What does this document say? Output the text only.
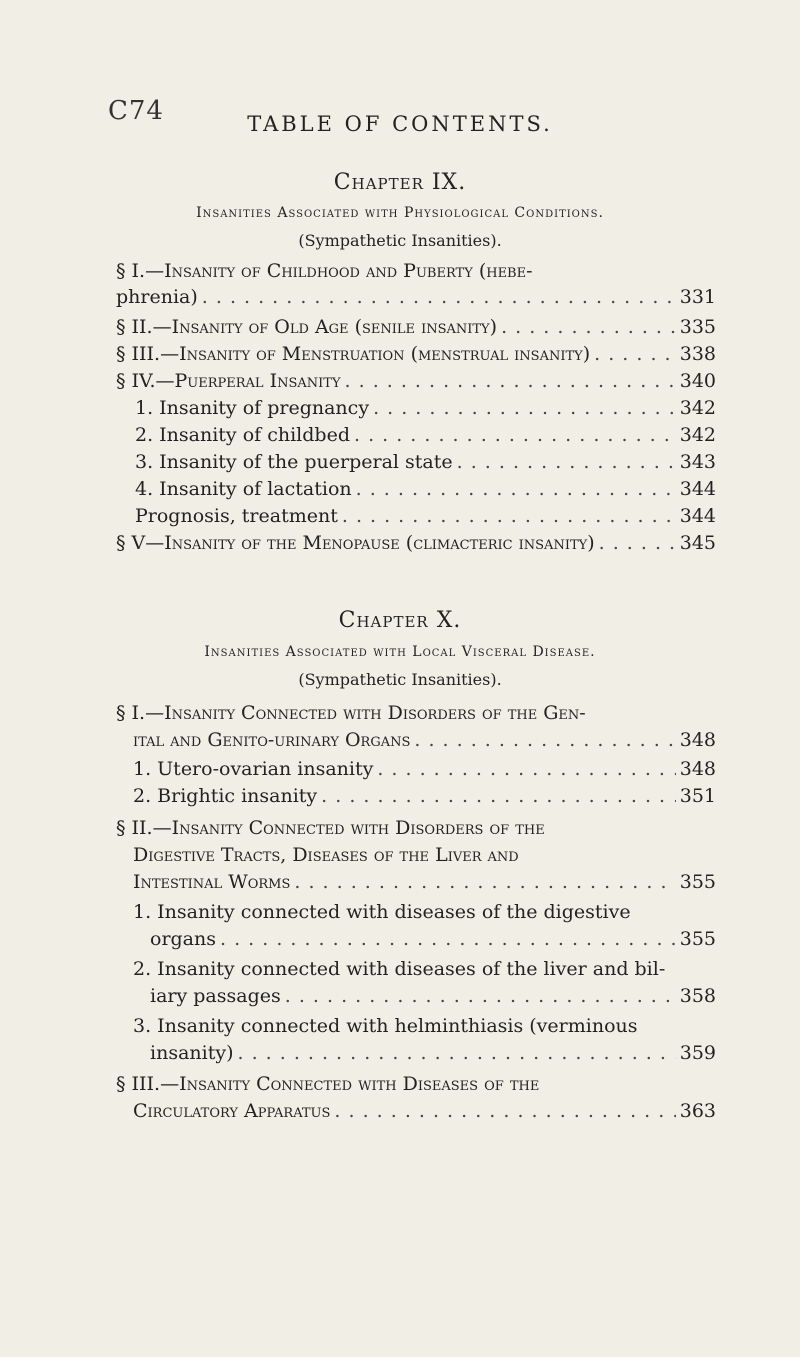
C74	TABLE OF CONTENTS.
Chapter IX.
Insanities Associated with Physiological Conditions.
(Sympathetic Insanities).
§ I.—Insanity of Childhood and Puberty (hebe-
phrenia) . . .	331
§ II.—Insanity of Old Age (senile insanity) . . .	335
§ III.—Insanity of Menstruation (menstrual insanity) . . .	338
§ IV.—Puerperal Insanity . . .	340
1. Insanity of pregnancy . . .	342
2. Insanity of childbed . . .	342
3. Insanity of the puerperal state . . .	343
4. Insanity of lactation . . .	344
Prognosis, treatment . . .	344
§ V—Insanity of the Menopause (climacteric insanity) . . .	345
Chapter X.
Insanities Associated with Local Visceral Disease.
(Sympathetic Insanities).
§ I.—Insanity Connected with Disorders of the Gen-
ital and Genito-urinary Organs . . .	348
1. Utero-ovarian insanity . . .	348
2. Brightic insanity . . .	351
§ II.—Insanity Connected with Disorders of the
Digestive Tracts, Diseases of the Liver and
Intestinal Worms . . .	355
1. Insanity connected with diseases of the digestive
organs . . .	355
2. Insanity connected with diseases of the liver and bil-
iary passages . . .	358
3. Insanity connected with helminthiasis (verminous
insanity) . . .	359
§ III.—Insanity Connected with Diseases of the
Circulatory Apparatus . . .	363
